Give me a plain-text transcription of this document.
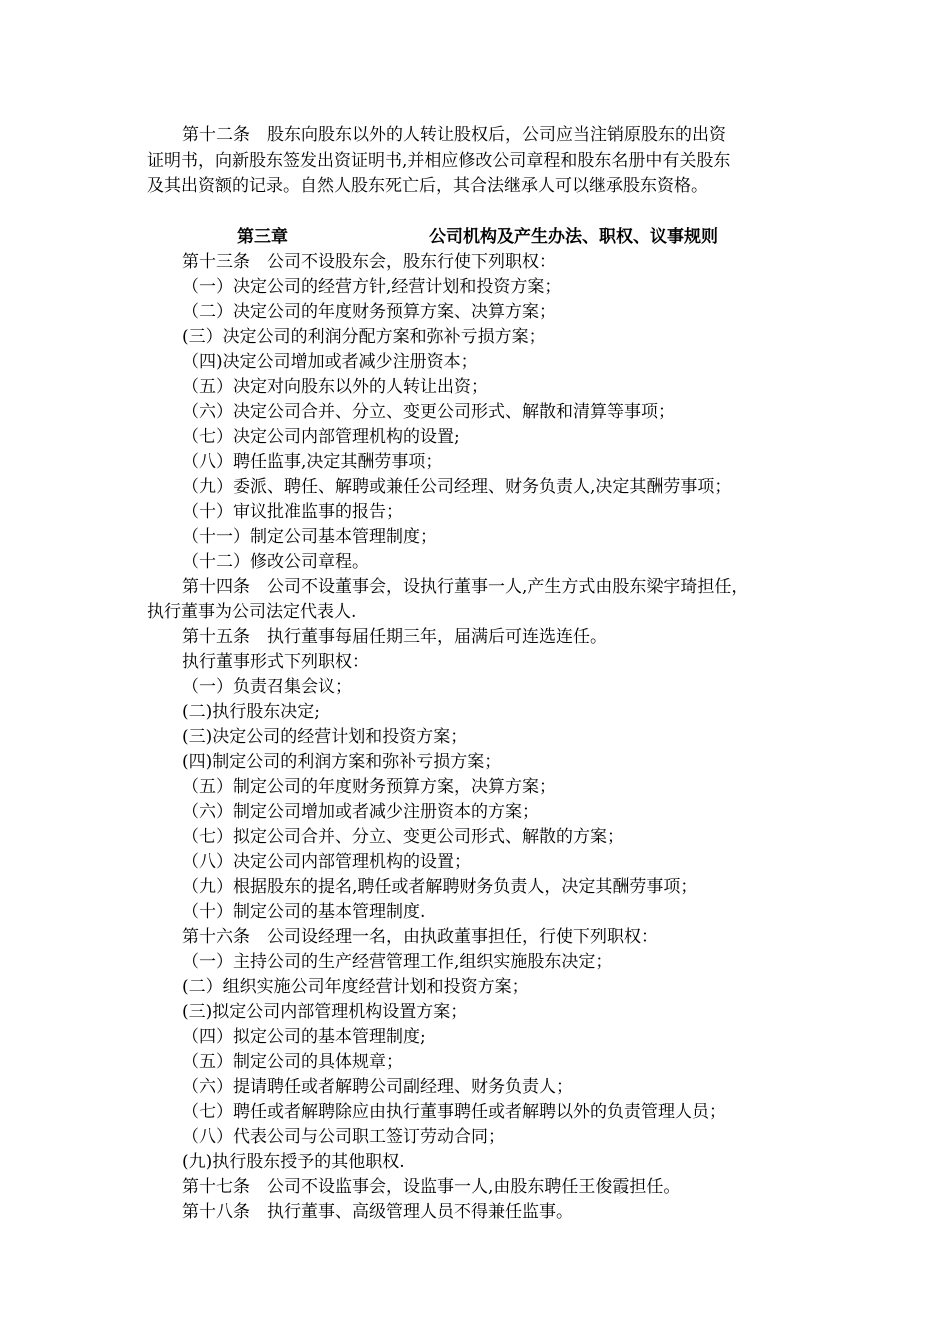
第十二条　股东向股东以外的人转让股权后，公司应当注销原股东的出资
证明书，向新股东签发出资证明书,并相应修改公司章程和股东名册中有关股东
及其出资额的记录。自然人股东死亡后，其合法继承人可以继承股东资格。
第三章	公司机构及产生办法、职权、议事规则
第十三条　公司不设股东会，股东行使下列职权：
（一）决定公司的经营方针,经营计划和投资方案；
（二）决定公司的年度财务预算方案、决算方案；
(三）决定公司的利润分配方案和弥补亏损方案；
（四)决定公司增加或者减少注册资本；
（五）决定对向股东以外的人转让出资；
（六）决定公司合并、分立、变更公司形式、解散和清算等事项；
（七）决定公司内部管理机构的设置;
（八）聘任监事,决定其酬劳事项；
（九）委派、聘任、解聘或兼任公司经理、财务负责人,决定其酬劳事项；
（十）审议批准监事的报告；
（十一）制定公司基本管理制度；
（十二）修改公司章程。
第十四条　公司不设董事会，设执行董事一人,产生方式由股东梁宇琦担任，
执行董事为公司法定代表人.
第十五条　执行董事每届任期三年，届满后可连选连任。
执行董事形式下列职权：
（一）负责召集会议；
(二)执行股东决定;
(三)决定公司的经营计划和投资方案；
(四)制定公司的利润方案和弥补亏损方案；
（五）制定公司的年度财务预算方案，决算方案；
（六）制定公司增加或者减少注册资本的方案；
（七）拟定公司合并、分立、变更公司形式、解散的方案；
（八）决定公司内部管理机构的设置；
（九）根据股东的提名,聘任或者解聘财务负责人，决定其酬劳事项；
（十）制定公司的基本管理制度.
第十六条　公司设经理一名，由执政董事担任，行使下列职权：
（一）主持公司的生产经营管理工作,组织实施股东决定；
(二）组织实施公司年度经营计划和投资方案；
(三)拟定公司内部管理机构设置方案；
（四）拟定公司的基本管理制度;
（五）制定公司的具体规章；
（六）提请聘任或者解聘公司副经理、财务负责人；
（七）聘任或者解聘除应由执行董事聘任或者解聘以外的负责管理人员；
（八）代表公司与公司职工签订劳动合同；
(九)执行股东授予的其他职权.
第十七条　公司不设监事会，设监事一人,由股东聘任王俊霞担任。
第十八条　执行董事、高级管理人员不得兼任监事。
